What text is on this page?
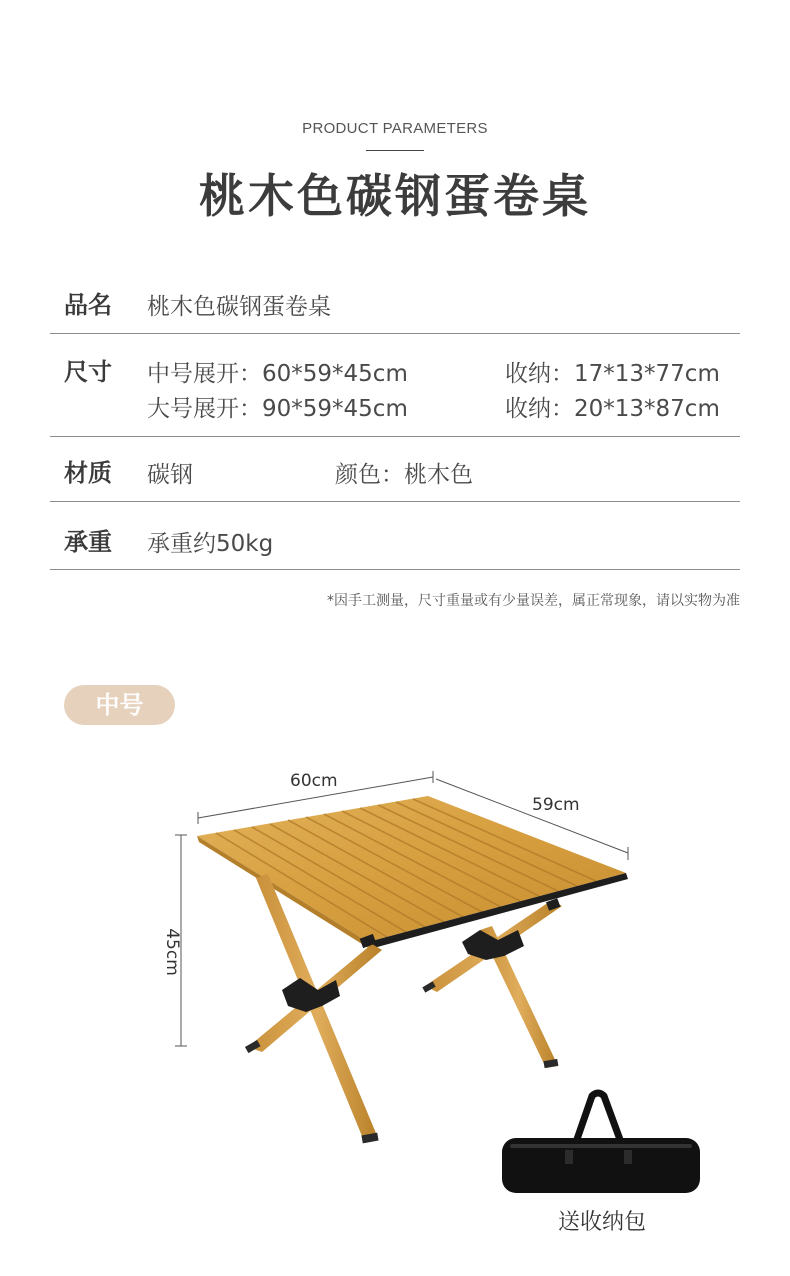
PRODUCT PARAMETERS
桃木色碳钢蛋卷桌
品名 桃木色碳钢蛋卷桌
尺寸 中号展开：60*59*45cm	收纳：17*13*77cm
大号展开：90*59*45cm	收纳：20*13*87cm
材质 碳钢	颜色：桃木色
承重 承重约50kg
*因手工测量，尺寸重量或有少量误差，属正常现象，请以实物为准
中号
60cm
59cm
45cm
送收纳包
